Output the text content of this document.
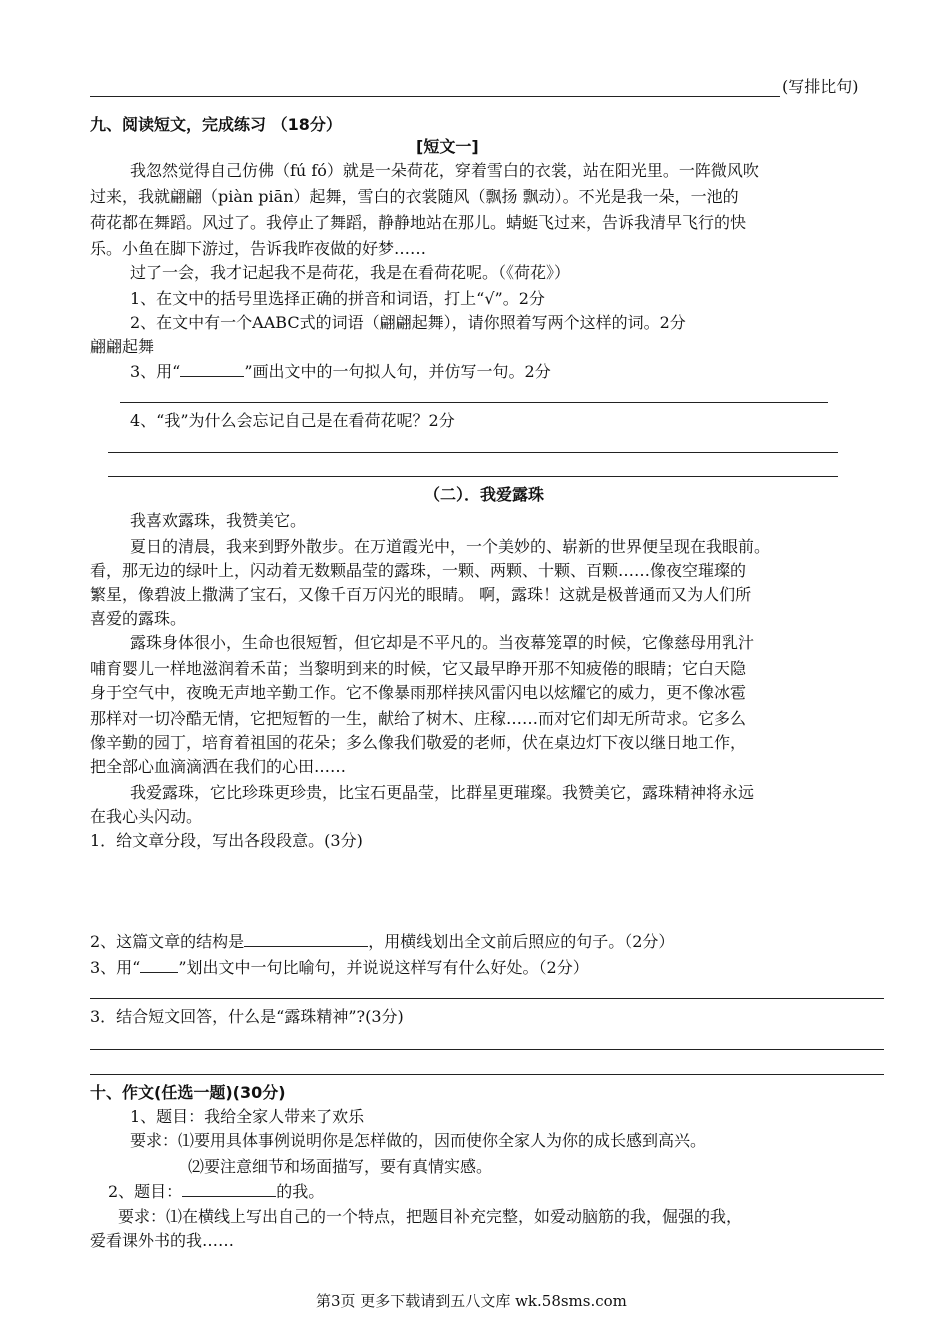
(写排比句)
九、阅读短文，完成练习 （18分）
[短文一]
我忽然觉得自己仿佛（fú fó）就是一朵荷花，穿着雪白的衣裳，站在阳光里。一阵微风吹
过来，我就翩翩（piàn piān）起舞，雪白的衣裳随风（飘扬 飘动）。不光是我一朵，一池的
荷花都在舞蹈。风过了。我停止了舞蹈，静静地站在那儿。蜻蜓飞过来，告诉我清早飞行的快
乐。小鱼在脚下游过，告诉我昨夜做的好梦……
过了一会，我才记起我不是荷花，我是在看荷花呢。（《荷花》）
1、在文中的括号里选择正确的拼音和词语，打上“√”。2分
2、在文中有一个AABC式的词语（翩翩起舞），请你照着写两个这样的词。2分
翩翩起舞
3、用“	”画出文中的一句拟人句，并仿写一句。2分
4、“我”为什么会忘记自己是在看荷花呢？2分
（二）．我爱露珠
我喜欢露珠，我赞美它。
夏日的清晨，我来到野外散步。在万道霞光中，一个美妙的、崭新的世界便呈现在我眼前。
看，那无边的绿叶上，闪动着无数颗晶莹的露珠，一颗、两颗、十颗、百颗……像夜空璀璨的
繁星，像碧波上撒满了宝石，又像千百万闪光的眼睛。 啊，露珠！这就是极普通而又为人们所
喜爱的露珠。
露珠身体很小，生命也很短暂，但它却是不平凡的。当夜幕笼罩的时候，它像慈母用乳汁
哺育婴儿一样地滋润着禾苗；当黎明到来的时候，它又最早睁开那不知疲倦的眼睛；它白天隐
身于空气中，夜晚无声地辛勤工作。它不像暴雨那样挟风雷闪电以炫耀它的威力，更不像冰雹
那样对一切冷酷无情，它把短暂的一生，献给了树木、庄稼……而对它们却无所苛求。它多么
像辛勤的园丁，培育着祖国的花朵；多么像我们敬爱的老师，伏在桌边灯下夜以继日地工作，
把全部心血滴滴洒在我们的心田……
我爱露珠，它比珍珠更珍贵，比宝石更晶莹，比群星更璀璨。我赞美它，露珠精神将永远
在我心头闪动。
1．给文章分段，写出各段段意。(3分)
2、这篇文章的结构是	，用横线划出全文前后照应的句子。（2分）
3、用“ ”划出文中一句比喻句，并说说这样写有什么好处。（2分）
3．结合短文回答，什么是“露珠精神”?(3分)
十、作文(任选一题)(30分)
1、题目：我给全家人带来了欢乐
要求：⑴要用具体事例说明你是怎样做的，因而使你全家人为你的成长感到高兴。
⑵要注意细节和场面描写，要有真情实感。
2、题目：	的我。
要求：⑴在横线上写出自己的一个特点，把题目补充完整，如爱动脑筋的我，倔强的我，
爱看课外书的我……
第3页 更多下载请到五八文库 wk.58sms.com
